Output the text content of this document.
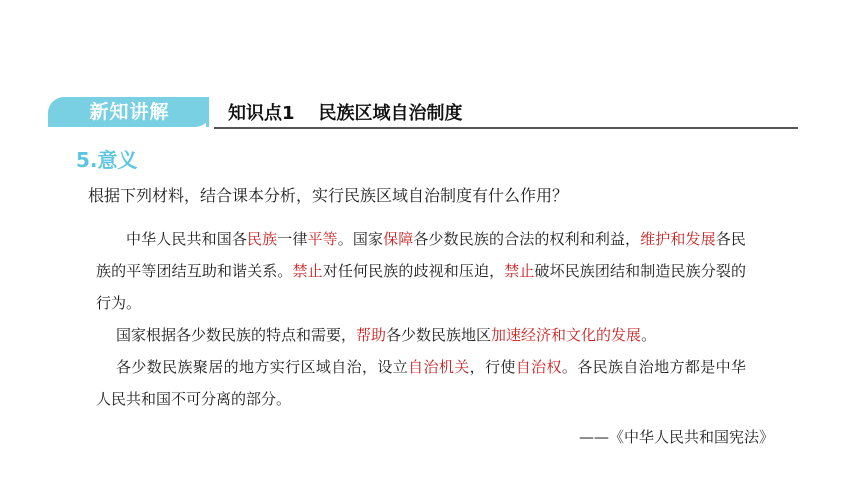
新知讲解	知识点1 民族区域自治制度
5.意义
根据下列材料，结合课本分析，实行民族区域自治制度有什么作用？
中华人民共和国各民族一律平等。国家保障各少数民族的合法的权利和利益，维护和发展各民族的平等团结互助和谐关系。禁止对任何民族的歧视和压迫，禁止破坏民族团结和制造民族分裂的行为。
国家根据各少数民族的特点和需要，帮助各少数民族地区加速经济和文化的发展。
各少数民族聚居的地方实行区域自治，设立自治机关，行使自治权。各民族自治地方都是中华人民共和国不可分离的部分。
——《中华人民共和国宪法》
